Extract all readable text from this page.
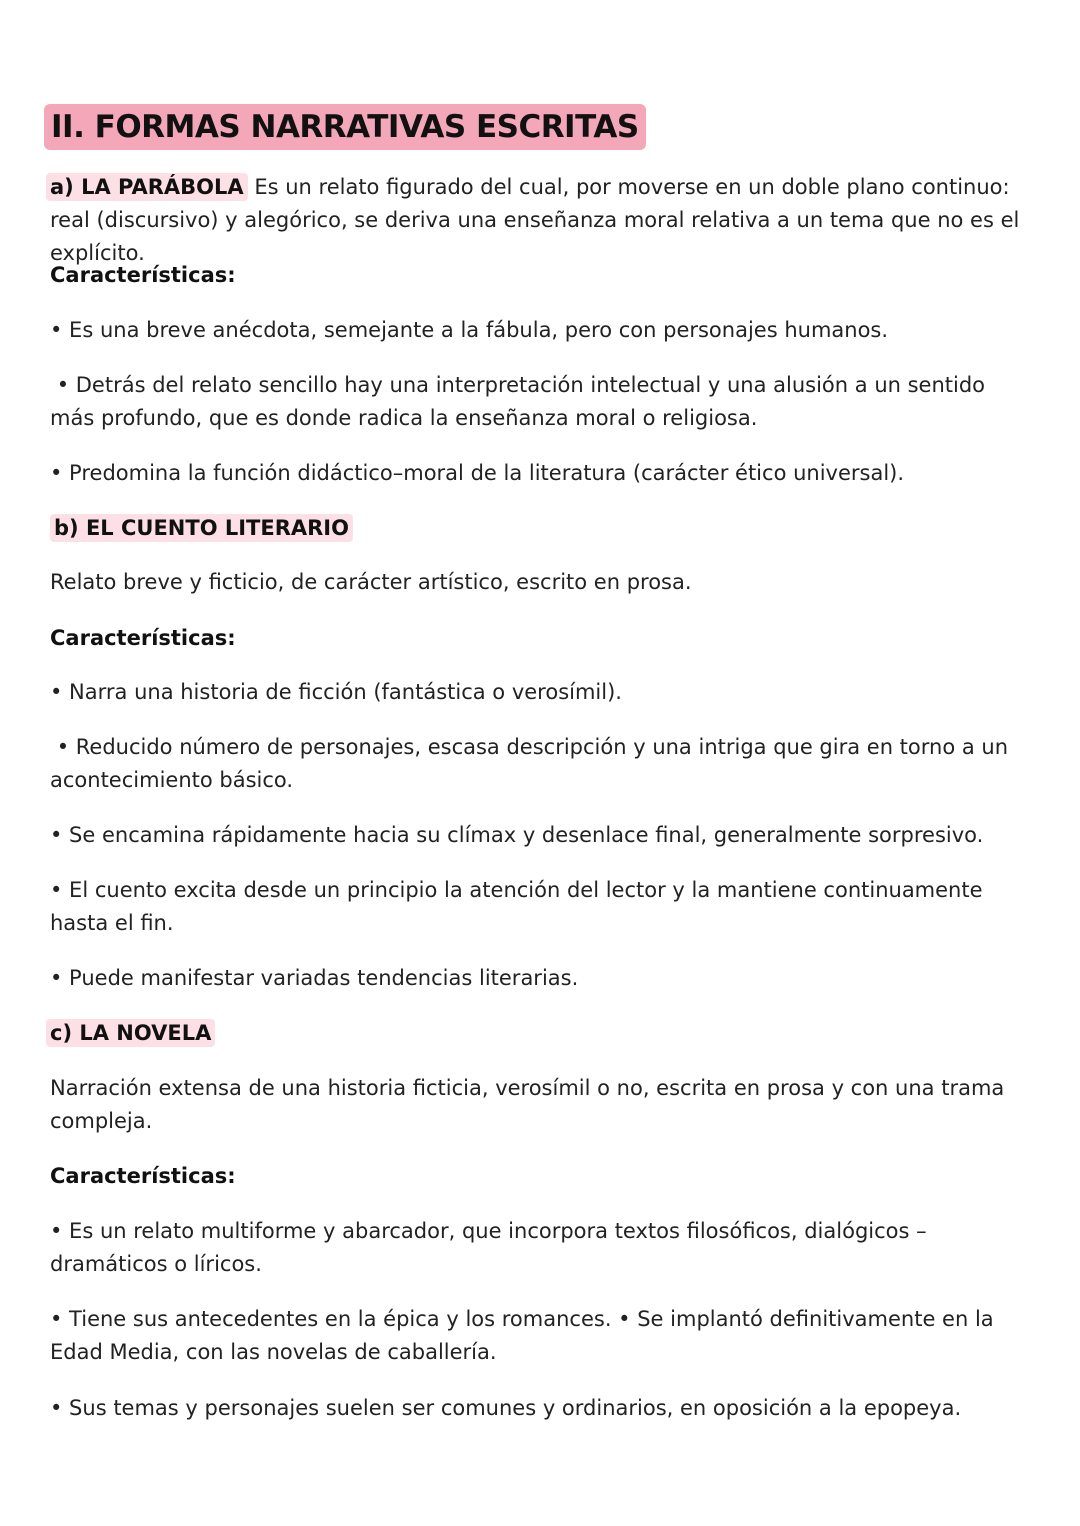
II. FORMAS NARRATIVAS ESCRITAS
a) LA PARÁBOLA Es un relato figurado del cual, por moverse en un doble plano continuo: real (discursivo) y alegórico, se deriva una enseñanza moral relativa a un tema que no es el explícito.
Características:
• Es una breve anécdota, semejante a la fábula, pero con personajes humanos.
• Detrás del relato sencillo hay una interpretación intelectual y una alusión a un sentido más profundo, que es donde radica la enseñanza moral o religiosa.
• Predomina la función didáctico–moral de la literatura (carácter ético universal).
b) EL CUENTO LITERARIO
Relato breve y ficticio, de carácter artístico, escrito en prosa.
Características:
• Narra una historia de ficción (fantástica o verosímil).
• Reducido número de personajes, escasa descripción y una intriga que gira en torno a un acontecimiento básico.
• Se encamina rápidamente hacia su clímax y desenlace final, generalmente sorpresivo.
• El cuento excita desde un principio la atención del lector y la mantiene continuamente hasta el fin.
• Puede manifestar variadas tendencias literarias.
c) LA NOVELA
Narración extensa de una historia ficticia, verosímil o no, escrita en prosa y con una trama compleja.
Características:
• Es un relato multiforme y abarcador, que incorpora textos filosóficos, dialógicos – dramáticos o líricos.
• Tiene sus antecedentes en la épica y los romances. • Se implantó definitivamente en la Edad Media, con las novelas de caballería.
• Sus temas y personajes suelen ser comunes y ordinarios, en oposición a la epopeya.
